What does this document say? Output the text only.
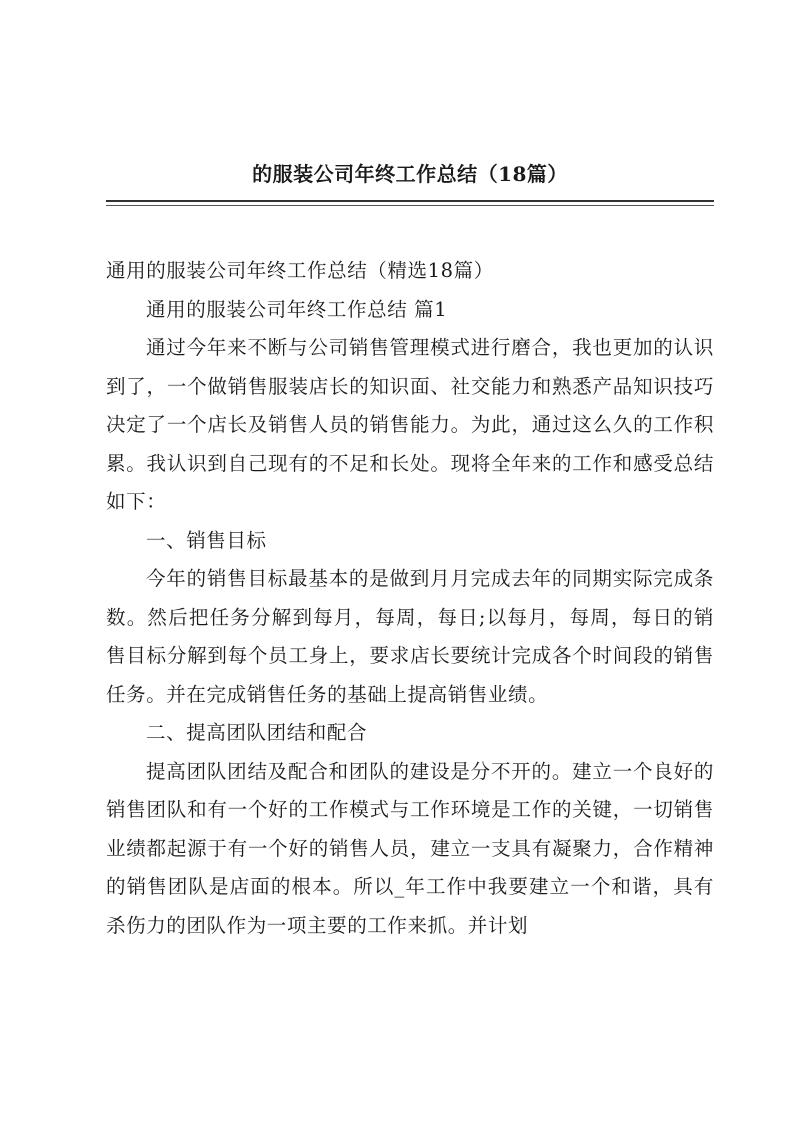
的服装公司年终工作总结（18篇）

通用的服装公司年终工作总结（精选18篇）

通用的服装公司年终工作总结 篇1

通过今年来不断与公司销售管理模式进行磨合，我也更加的认识到了，一个做销售服装店长的知识面、社交能力和熟悉产品知识技巧决定了一个店长及销售人员的销售能力。为此，通过这么久的工作积累。我认识到自己现有的不足和长处。现将全年来的工作和感受总结如下：

一、销售目标

今年的销售目标最基本的是做到月月完成去年的同期实际完成条数。然后把任务分解到每月，每周，每日;以每月，每周，每日的销售目标分解到每个员工身上，要求店长要统计完成各个时间段的销售任务。并在完成销售任务的基础上提高销售业绩。

二、提高团队团结和配合

提高团队团结及配合和团队的建设是分不开的。建立一个良好的销售团队和有一个好的工作模式与工作环境是工作的关键，一切销售业绩都起源于有一个好的销售人员，建立一支具有凝聚力，合作精神的销售团队是店面的根本。所以_年工作中我要建立一个和谐，具有杀伤力的团队作为一项主要的工作来抓。并计划
